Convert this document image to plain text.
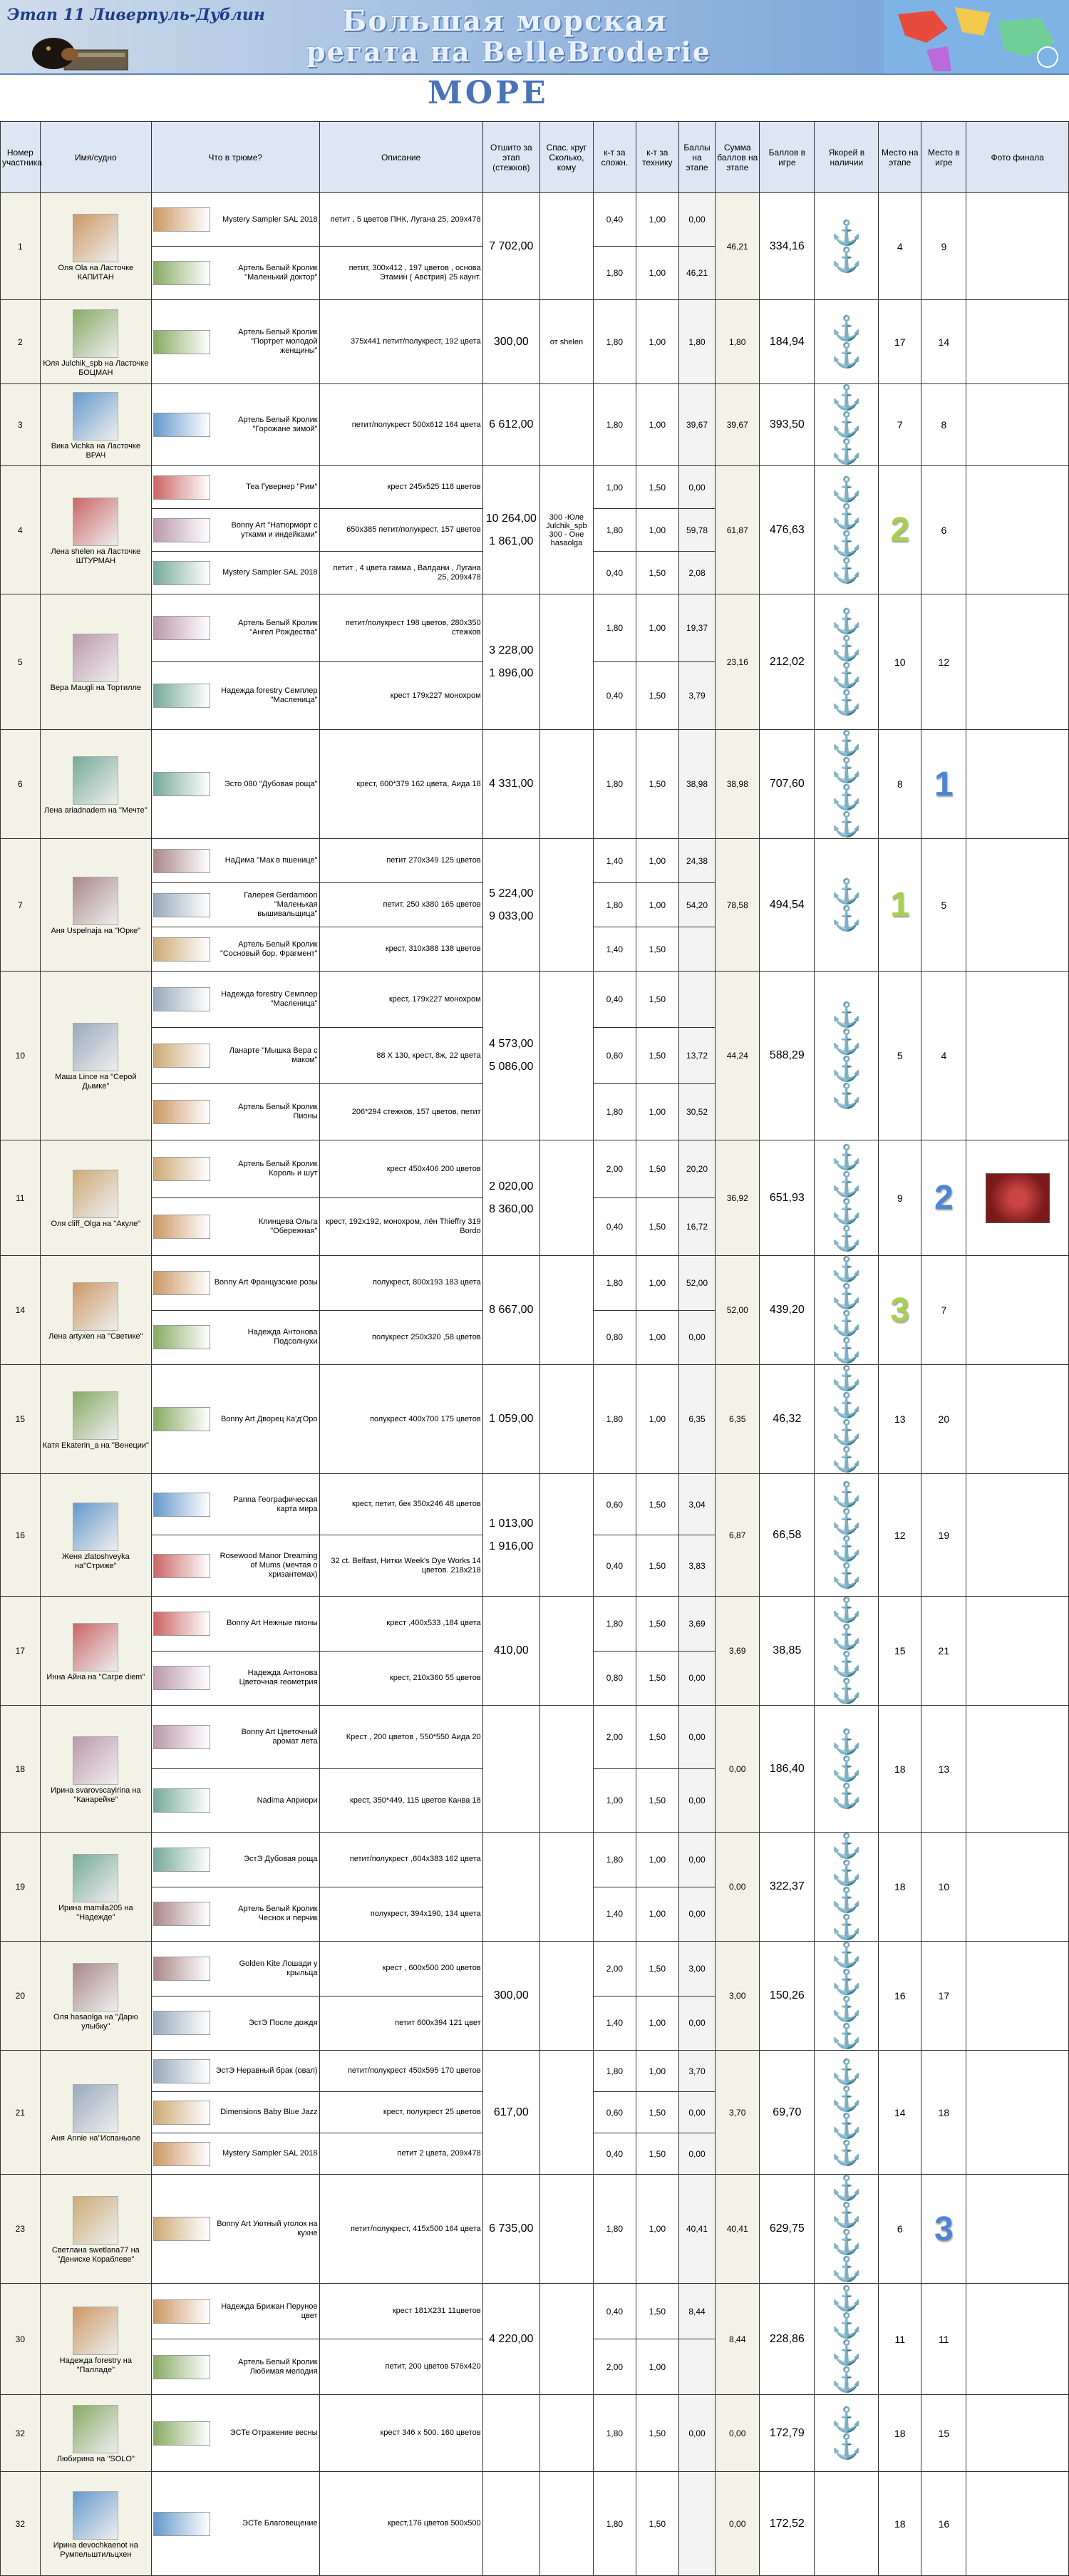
Этап 11 Ливерпуль-Дублин	Большая морская
регата на BelleBroderie
МОРЕ
Номер участника	Имя/судно	Что в трюме?	Описание	Отшито за этап (стежков)	Спас. круг Сколько, кому	к-т за сложн.	к-т за технику	Баллы на этапе	Сумма баллов на этапе	Баллов в игре	Якорей в наличии	Место на этапе	Место в игре	Фото финала
1	Оля Ola на Ласточке КАПИТАН	Mystery Sampler SAL 2018	петит , 5 цветов ПНК, Лугана 25, 209х478	7 702,00		0,40	1,00	0,00	46,21	334,16	⚓⚓	4	9	

		Артель Белый Кролик "Маленький доктор"	петит, 300х412 , 197 цветов , основа Этамин ( Австрия) 25 каунт.			1,80	1,00	46,21						
2	Юля Julchik_spb на Ласточке БОЦМАН	Артель Белый Кролик "Портрет молодой женщины"	375х441 петит/полукрест, 192 цвета	300,00	от shelen	1,80	1,00	1,80	1,80	184,94	⚓⚓	17	14	
3	Вика Vichka на Ласточке ВРАЧ	Артель Белый Кролик "Горожане зимой"	петит/полукрест 500х612 164 цвета	6 612,00		1,80	1,00	39,67	39,67	393,50	⚓⚓⚓	7	8	
4	Лена shelen на Ласточке ШТУРМАН	Теа Гувернер "Рим"	крест 245х525 118 цветов	10 264,00
1 861,00	300 -Юле Julchik_spb 300 - Оне hasaolga	1,00	1,50	0,00	61,87	476,63	⚓⚓⚓⚓	2	6	

		Bonny Art "Натюрморт с утками и индейками"	650х385 петит/полукрест, 157 цветов			1,80	1,00	59,78						

		Mystery Sampler SAL 2018	петит , 4 цвета гамма , Валдани , Лугана 25, 209х478			0,40	1,50	2,08						
5	Вера Maugli на Тортилле	Артель Белый Кролик "Ангел Рождества"	петит/полукрест 198 цветов, 280х350 стежков	3 228,00
1 896,00		1,80	1,00	19,37	23,16	212,02	⚓⚓⚓⚓	10	12	

		Надежда forestry Семплер "Масленица"	крест 179х227 монохром			0,40	1,50	3,79						
6	Лена ariadnadem на "Мечте"	Эсто 080 "Дубовая роща"	крест, 600*379 162 цвета, Аида 18	4 331,00		1,80	1,50	38,98	38,98	707,60	⚓⚓⚓⚓	8	1	
7	Аня Uspelnaja на "Юрке"	НаДима "Мак в пшенице"	петит 270х349 125 цветов	5 224,00
9 033,00		1,40	1,00	24,38	78,58	494,54	⚓⚓	1	5	

		Галерея Gerdamoon "Маленькая вышивальщица"	петит, 250 х380 165 цветов			1,80	1,00	54,20						

		Артель Белый Кролик "Сосновый бор. Фрагмент"	крест, 310х388 138 цветов			1,40	1,50							
10	Маша Lince на "Серой Дымке"	Надежда forestry Семплер "Масленица"	крест, 179х227 монохром	4 573,00
5 086,00		0,40	1,50		44,24	588,29	⚓⚓⚓⚓	5	4	

		Ланарте "Мышка Вера с маком"	88 Х 130, крест, 8ж, 22 цвета			0,60	1,50	13,72						

		Артель Белый Кролик Пионы	206*294 стежков, 157 цветов, петит			1,80	1,00	30,52						
11	Оля cliff_Olga на "Акуле"	Артель Белый Кролик Король и шут	крест 450х406 200 цветов	2 020,00
8 360,00		2,00	1,50	20,20	36,92	651,93	⚓⚓⚓⚓	9	2	

		Клинцева Ольга "Обережная"	крест, 192х192, монохром, лён Thieffry 319 Bordo			0,40	1,50	16,72						
14	Лена artyxen на "Светике"	Bonny Art Французские розы	полукрест, 800х193 183 цвета	8 667,00		1,80	1,00	52,00	52,00	439,20	⚓⚓⚓⚓	3	7	

		Надежда Антонова Подсолнухи	полукрест 250х320 ,58 цветов			0,80	1,00	0,00						
15	Катя Ekaterin_a на "Венеции"	Bonny Art Дворец Ка'д'Оро	полукрест 400х700 175 цветов	1 059,00		1,80	1,00	6,35	6,35	46,32	⚓⚓⚓⚓	13	20	
16	Женя zlatoshveyka на"Стриже"	Panna Географическая карта мира	крест, петит, бек 350х246 48 цветов	1 013,00
1 916,00		0,60	1,50	3,04	6,87	66,58	⚓⚓⚓⚓	12	19	

		Rosewood Manor Dreaming of Mums (мечтая о хризантемах)	32 ct. Belfast, Нитки Week's Dye Works 14 цветов. 218х218			0,40	1,50	3,83						
17	Инна Айна на "Carpe diem"	Bonny Art Нежные пионы	крест ,400х533 ,184 цвета	410,00		1,80	1,50	3,69	3,69	38,85	⚓⚓⚓⚓	15	21	

		Надежда Антонова Цветочная геометрия	крест, 210х360 55 цветов			0,80	1,50	0,00						
18	Ирина svarovscayirina на "Канарейке"	Bonny Art Цветочный аромат лета	Крест , 200 цветов , 550*550 Аида 20			2,00	1,50	0,00	0,00	186,40	⚓⚓⚓	18	13	

		Nadima Априори	крест, 350*449, 115 цветов Канва 18			1,00	1,50	0,00						
19	Ирина mamila205 на "Надежде"	ЭстЭ Дубовая роща	петит/полукрест ,604х383 162 цвета			1,80	1,00	0,00	0,00	322,37	⚓⚓⚓⚓	18	10	

		Артель Белый Кролик Чеснок и перчик	полукрест, 394х190, 134 цвета			1,40	1,00	0,00						
20	Оля hasaolga на "Дарю улыбку"	Golden Kite Лошади у крыльца	крест , 600х500 200 цветов	300,00		2,00	1,50	3,00	3,00	150,26	⚓⚓⚓⚓	16	17	

		ЭстЭ После дождя	петит 600х394 121 цвет			1,40	1,00	0,00						
21	Аня Annie на"Испаньоле	ЭстЭ Неравный брак (овал)	петит/полукрест 450х595 170 цветов	617,00		1,80	1,00	3,70	3,70	69,70	⚓⚓⚓⚓	14	18	

		Dimensions Baby Blue Jazz	крест, полукрест 25 цветов			0,60	1,50	0,00						

		Mystery Sampler SAL 2018	петит 2 цвета, 209х478			0,40	1,50	0,00						
23	Светлана swetlana77 на "Денискe Кораблеве"	Bonny Art Уютный уголок на кухне	петит/полукрест, 415х500 164 цвета	6 735,00		1,80	1,00	40,41	40,41	629,75	⚓⚓⚓⚓	6	3	
30	Надежда forestry на "Палладе"	Надежда Брижан Перуное цвет	крест 181Х231 11цветов	4 220,00		0,40	1,50	8,44	8,44	228,86	⚓⚓⚓⚓	11	11	

		Артель Белый Кролик Любимая мелодия	петит, 200 цветов 576х420			2,00	1,00							
32	Любирина на "SOLO"	ЭСТе Отражение весны	крест 346 х 500. 160 цветов			1,80	1,50	0,00	0,00	172,79	⚓⚓	18	15	
32	Ирина devochkaenot на Румпельштильцхен	ЭСТе Благовещение	крест,176 цветов 500х500			1,80	1,50		0,00	172,52		18	16	
